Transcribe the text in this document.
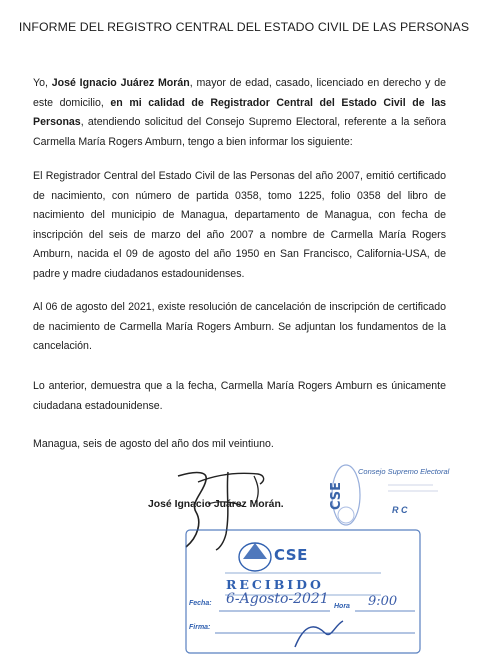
INFORME DEL REGISTRO CENTRAL DEL ESTADO CIVIL DE LAS PERSONAS

Yo, José Ignacio Juárez Morán, mayor de edad, casado, licenciado en derecho y de este domicilio, en mi calidad de Registrador Central del Estado Civil de las Personas, atendiendo solicitud del Consejo Supremo Electoral, referente a la señora Carmella María Rogers Amburn, tengo a bien informar los siguiente:

El Registrador Central del Estado Civil de las Personas del año 2007, emitió certificado de nacimiento, con número de partida 0358, tomo 1225, folio 0358 del libro de nacimiento del municipio de Managua, departamento de Managua, con fecha de inscripción del seis de marzo del año 2007 a nombre de Carmella María Rogers Amburn, nacida el 09 de agosto del año 1950 en San Francisco, California-USA, de padre y madre ciudadanos estadounidenses.

Al 06 de agosto del 2021, existe resolución de cancelación de inscripción de certificado de nacimiento de Carmella María Rogers Amburn. Se adjuntan los fundamentos de la cancelación.

Lo anterior, demuestra que a la fecha, Carmella María Rogers Amburn es únicamente ciudadana estadounidense.

Managua, seis de agosto del año dos mil veintiuno.

CSE
Consejo Supremo Electoral
R C
José Ignacio Juárez Morán.
CSE
RECIBIDO
Fecha:	Hora
Firma:
6-Agosto-2021	9:00
